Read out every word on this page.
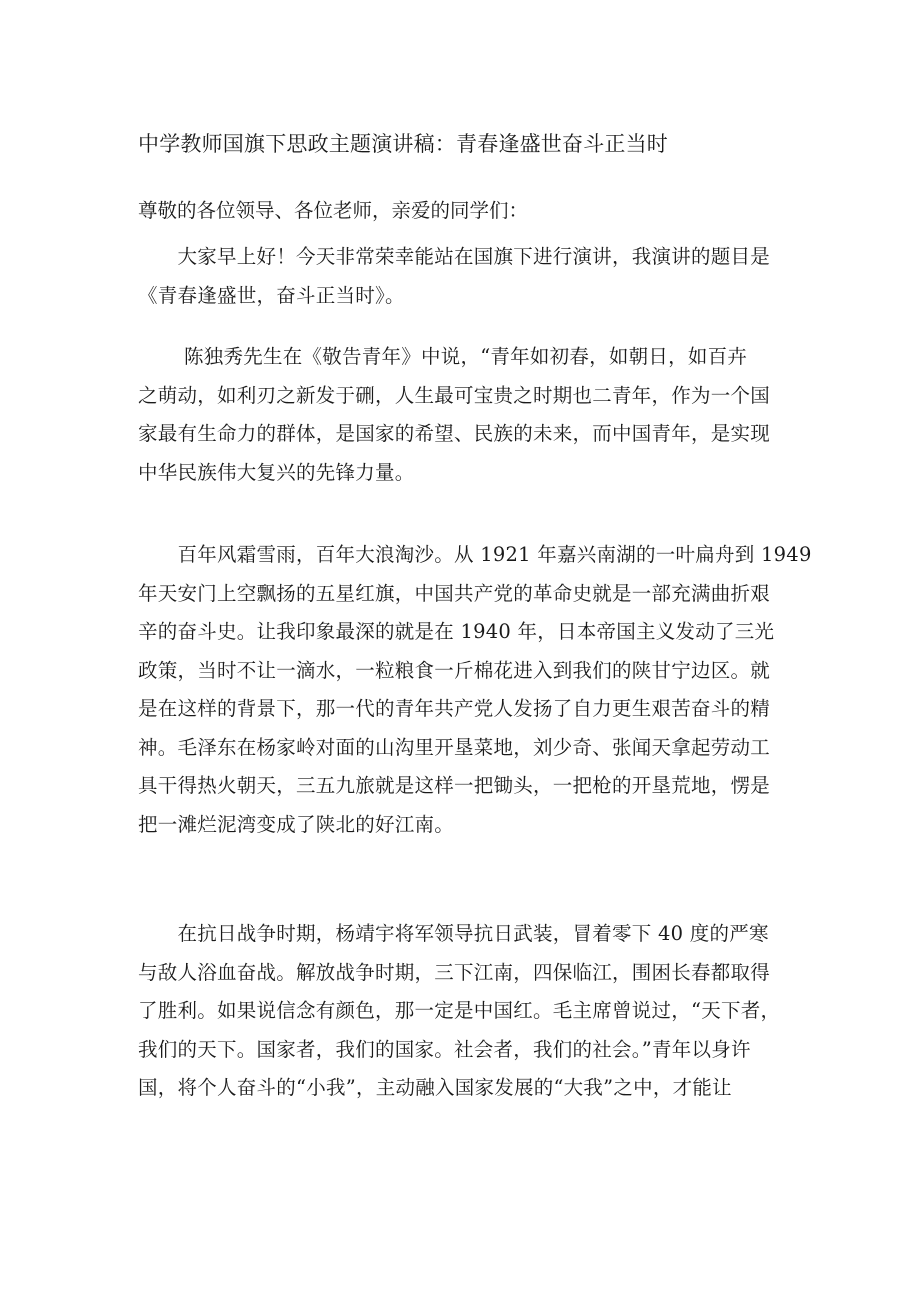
中学教师国旗下思政主题演讲稿：青春逢盛世奋斗正当时

尊敬的各位领导、各位老师，亲爱的同学们：

　　大家早上好！今天非常荣幸能站在国旗下进行演讲，我演讲的题目是
《青春逢盛世，奋斗正当时》。
　　 陈独秀先生在《敬告青年》中说，“青年如初春，如朝日，如百卉
之萌动，如利刃之新发于硎，人生最可宝贵之时期也二青年，作为一个国
家最有生命力的群体，是国家的希望、民族的未来，而中国青年，是实现
中华民族伟大复兴的先锋力量。
　　百年风霜雪雨，百年大浪淘沙。从 1921 年嘉兴南湖的一叶扁舟到 1949
年天安门上空飘扬的五星红旗，中国共产党的革命史就是一部充满曲折艰
辛的奋斗史。让我印象最深的就是在 1940 年，日本帝国主义发动了三光
政策，当时不让一滴水，一粒粮食一斤棉花进入到我们的陕甘宁边区。就
是在这样的背景下，那一代的青年共产党人发扬了自力更生艰苦奋斗的精
神。毛泽东在杨家岭对面的山沟里开垦菜地，刘少奇、张闻天拿起劳动工
具干得热火朝天，三五九旅就是这样一把锄头，一把枪的开垦荒地，愣是
把一滩烂泥湾变成了陕北的好江南。
　　在抗日战争时期，杨靖宇将军领导抗日武装，冒着零下 40 度的严寒
与敌人浴血奋战。解放战争时期，三下江南，四保临江，围困长春都取得
了胜利。如果说信念有颜色，那一定是中国红。毛主席曾说过，“天下者，
我们的天下。国家者，我们的国家。社会者，我们的社会。”青年以身许
国，将个人奋斗的“小我”，主动融入国家发展的“大我”之中，才能让
